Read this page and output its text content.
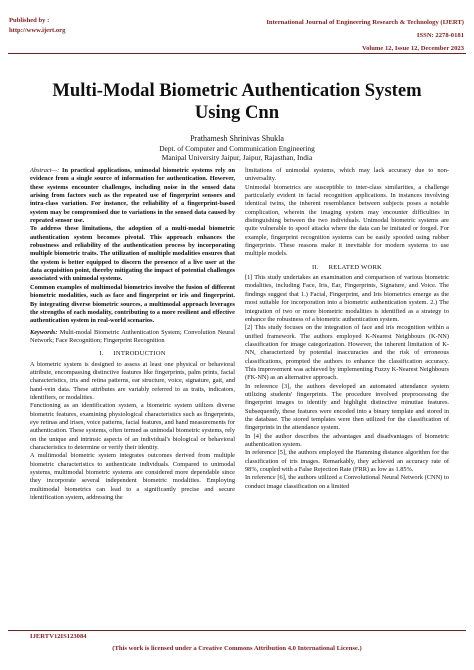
Published by :
http://www.ijert.org
International Journal of Engineering Research & Technology (IJERT)
ISSN: 2278-0181
Volume 12, Issue 12, December 2023
Multi-Modal Biometric Authentication System
Using Cnn
Prathamesh Shrinivas Shukla
Dept. of Computer and Communication Engineering
Manipal University Jaipur, Jaipur, Rajasthan, India

Abstract—: In practical applications, unimodal biometric systems rely on evidence from a single source of information for authentication. However, these systems encounter challenges, including noise in the sensed data arising from factors such as the repeated use of fingerprint sensors and intra-class variation. For instance, the reliability of a fingerprint-based system may be compromised due to variations in the sensed data caused by repeated sensor use.

To address these limitations, the adoption of a multi-modal biometric authentication system becomes pivotal. This approach enhances the robustness and reliability of the authentication process by incorporating multiple biometric traits. The utilization of multiple modalities ensures that the system is better equipped to discern the presence of a live user at the data acquisition point, thereby mitigating the impact of potential challenges associated with unimodal systems.

Common examples of multimodal biometrics involve the fusion of different biometric modalities, such as face and fingerprint or iris and fingerprint. By integrating diverse biometric sources, a multimodal approach leverages the strengths of each modality, contributing to a more resilient and effective authentication system in real-world scenarios.

Keywords: Multi-modal Biometric Authentication System; Convolution Neural Network; Face Recognition; Fingerprint Recognition

I. INTRODUCTION

A biometric system is designed to assess at least one physical or behavioral attribute, encompassing distinctive features like fingerprints, palm prints, facial characteristics, iris and retina patterns, ear structure, voice, signature, gait, and hand-vein data. These attributes are variably referred to as traits, indicators, identifiers, or modalities.

Functioning as an identification system, a biometric system utilizes diverse biometric features, examining physiological characteristics such as fingerprints, eye retinas and irises, voice patterns, facial features, and hand measurements for authentication. These systems, often termed as unimodal biometric systems, rely on the unique and intrinsic aspects of an individual's biological or behavioral characteristics to determine or verify their identity.

A multimodal biometric system integrates outcomes derived from multiple biometric characteristics to authenticate individuals. Compared to unimodal systems, multimodal biometric systems are considered more dependable since they incorporate several independent biometric modalities. Employing multimodal biometrics can lead to a significantly precise and secure identification system, addressing the

limitations of unimodal systems, which may lack accuracy due to non-universality.

Unimodal biometrics are susceptible to inter-class similarities, a challenge particularly evident in facial recognition applications. In instances involving identical twins, the inherent resemblance between subjects poses a notable complication, wherein the imaging system may encounter difficulties in distinguishing between the two individuals. Unimodal biometric systems are quite vulnerable to spoof attacks where the data can be imitated or forged. For example, fingerprint recognition systems can be easily spoofed using rubber fingerprints. These reasons make it inevitable for modern systems to use multiple models.

II. RELATED WORK

[1] This study undertakes an examination and comparison of various biometric modalities, including Face, Iris, Ear, Fingerprints, Signature, and Voice. The findings suggest that 1.) Facial, Fingerprint, and Iris biometrics emerge as the most suitable for incorporation into a biometric authentication system. 2.) The integration of two or more biometric modalities is identified as a strategy to enhance the robustness of a biometric authentication system.

[2] This study focuses on the integration of face and iris recognition within a unified framework. The authors employed K-Nearest Neighbours (K-NN) classification for image categorization. However, the inherent limitation of K-NN, characterized by potential inaccuracies and the risk of erroneous classifications, prompted the authors to enhance the classification accuracy. This improvement was achieved by implementing Fuzzy K-Nearest Neighbours (FK-NN) as an alternative approach.

In reference [3], the authors developed an automated attendance system utilizing students' fingerprints. The procedure involved preprocessing the fingerprint images to identify and highlight distinctive minutiae features. Subsequently, these features were encoded into a binary template and stored in the database. The stored templates were then utilized for the classification of fingerprints in the attendance system.

In [4] the author describes the advantages and disadvantages of biometric authentication system.

In reference [5], the authors employed the Hamming distance algorithm for the classification of iris images. Remarkably, they achieved an accuracy rate of 98%, coupled with a False Rejection Rate (FRR) as low as 1.85%.

In reference [6], the authors utilized a Convolutional Neural Network (CNN) to conduct image classification on a limited

IJERTV12IS123084
(This work is licensed under a Creative Commons Attribution 4.0 International License.)
